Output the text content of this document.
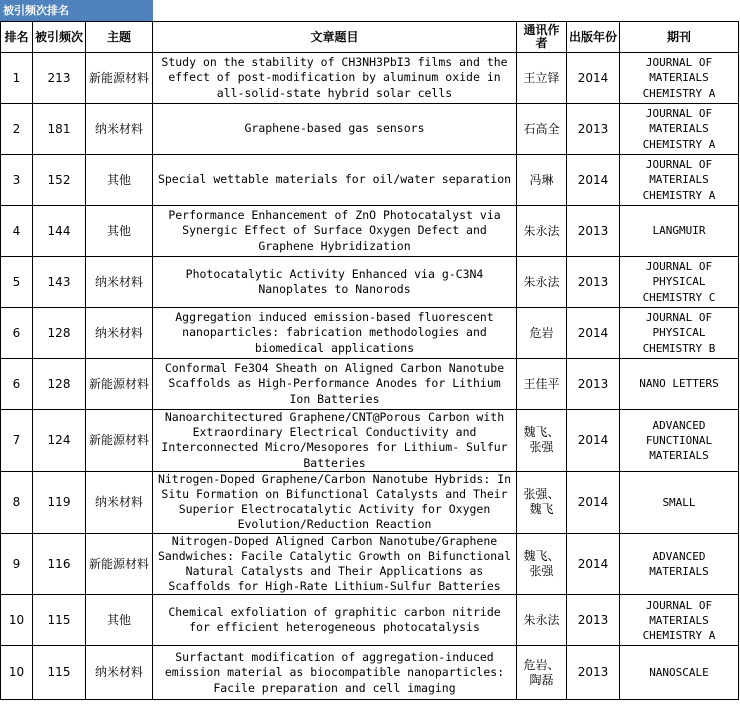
被引频次排名
排名	被引频次	主题	文章题目	通讯作者	出版年份	期刊
1	213	新能源材料	Study on the stability of CH3NH3PbI3 films and the effect of post-modification by aluminum oxide in all-solid-state hybrid solar cells	王立铎	2014	JOURNAL OF MATERIALS CHEMISTRY A
2	181	纳米材料	Graphene-based gas sensors	石高全	2013	JOURNAL OF MATERIALS CHEMISTRY A
3	152	其他	Special wettable materials for oil/water separation	冯琳	2014	JOURNAL OF MATERIALS CHEMISTRY A
4	144	其他	Performance Enhancement of ZnO Photocatalyst via Synergic Effect of Surface Oxygen Defect and Graphene Hybridization	朱永法	2013	LANGMUIR
5	143	纳米材料	Photocatalytic Activity Enhanced via g-C3N4 Nanoplates to Nanorods	朱永法	2013	JOURNAL OF PHYSICAL CHEMISTRY C
6	128	纳米材料	Aggregation induced emission-based fluorescent nanoparticles: fabrication methodologies and biomedical applications	危岩	2014	JOURNAL OF PHYSICAL CHEMISTRY B
6	128	新能源材料	Conformal Fe3O4 Sheath on Aligned Carbon Nanotube Scaffolds as High-Performance Anodes for Lithium Ion Batteries	王佳平	2013	NANO LETTERS
7	124	新能源材料	Nanoarchitectured Graphene/CNT@Porous Carbon with Extraordinary Electrical Conductivity and Interconnected Micro/Mesopores for Lithium- Sulfur Batteries	魏飞、张强	2014	ADVANCED FUNCTIONAL MATERIALS
8	119	纳米材料	Nitrogen-Doped Graphene/Carbon Nanotube Hybrids: In Situ Formation on Bifunctional Catalysts and Their Superior Electrocatalytic Activity for Oxygen Evolution/Reduction Reaction	张强、魏飞	2014	SMALL
9	116	新能源材料	Nitrogen-Doped Aligned Carbon Nanotube/Graphene Sandwiches: Facile Catalytic Growth on Bifunctional Natural Catalysts and Their Applications as Scaffolds for High-Rate Lithium-Sulfur Batteries	魏飞、张强	2014	ADVANCED MATERIALS
10	115	其他	Chemical exfoliation of graphitic carbon nitride for efficient heterogeneous photocatalysis	朱永法	2013	JOURNAL OF MATERIALS CHEMISTRY A
10	115	纳米材料	Surfactant modification of aggregation-induced emission material as biocompatible nanoparticles: Facile preparation and cell imaging	危岩、陶磊	2013	NANOSCALE
